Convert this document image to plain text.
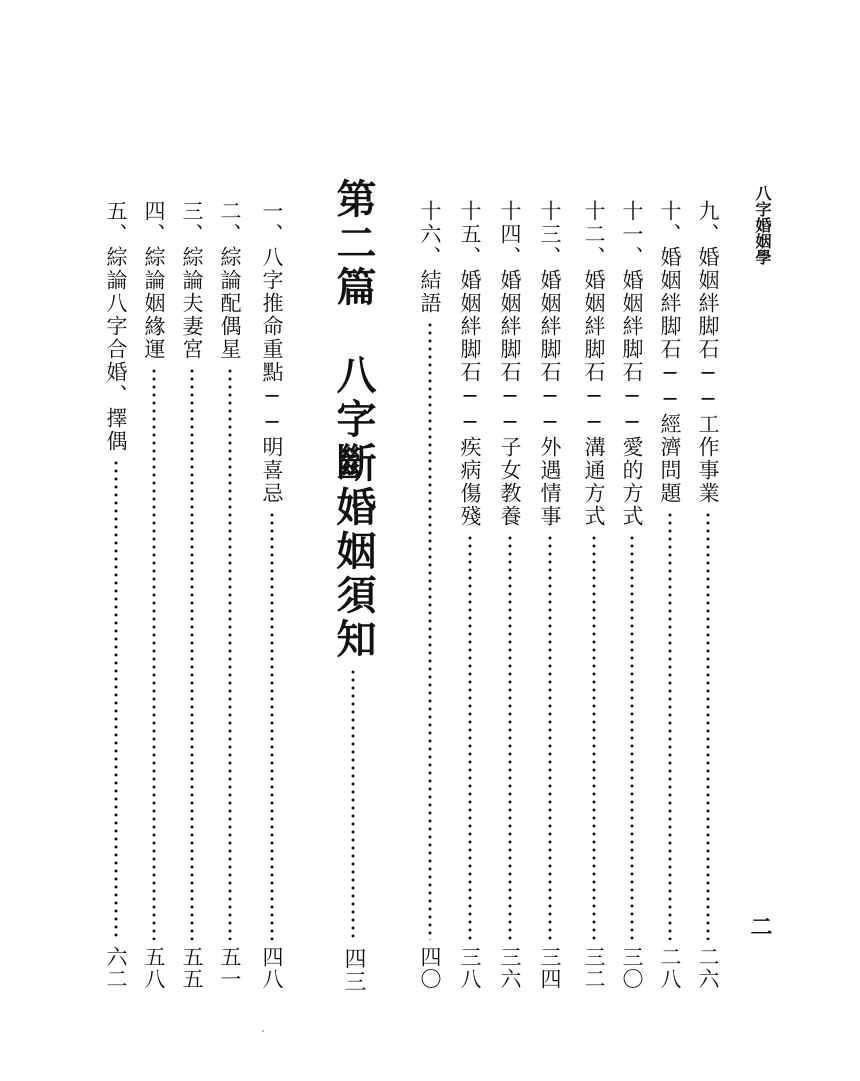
八字婚姻學
二
九、婚姻絆脚石──工作事業
二六
十、婚姻絆脚石──經濟問題
二八
十一、婚姻絆脚石──愛的方式
三〇
十二、婚姻絆脚石──溝通方式
三二
十三、婚姻絆脚石──外遇情事
三四
十四、婚姻絆脚石──子女教養
三六
十五、婚姻絆脚石──疾病傷殘
三八
十六、結語
四〇
第二篇　八字斷婚姻須知
四三
一、八字推命重點──明喜忌
四八
二、綜論配偶星
五一
三、綜論夫妻宮
五五
四、綜論姻緣運
五八
五、綜論八字合婚、擇偶
六二
